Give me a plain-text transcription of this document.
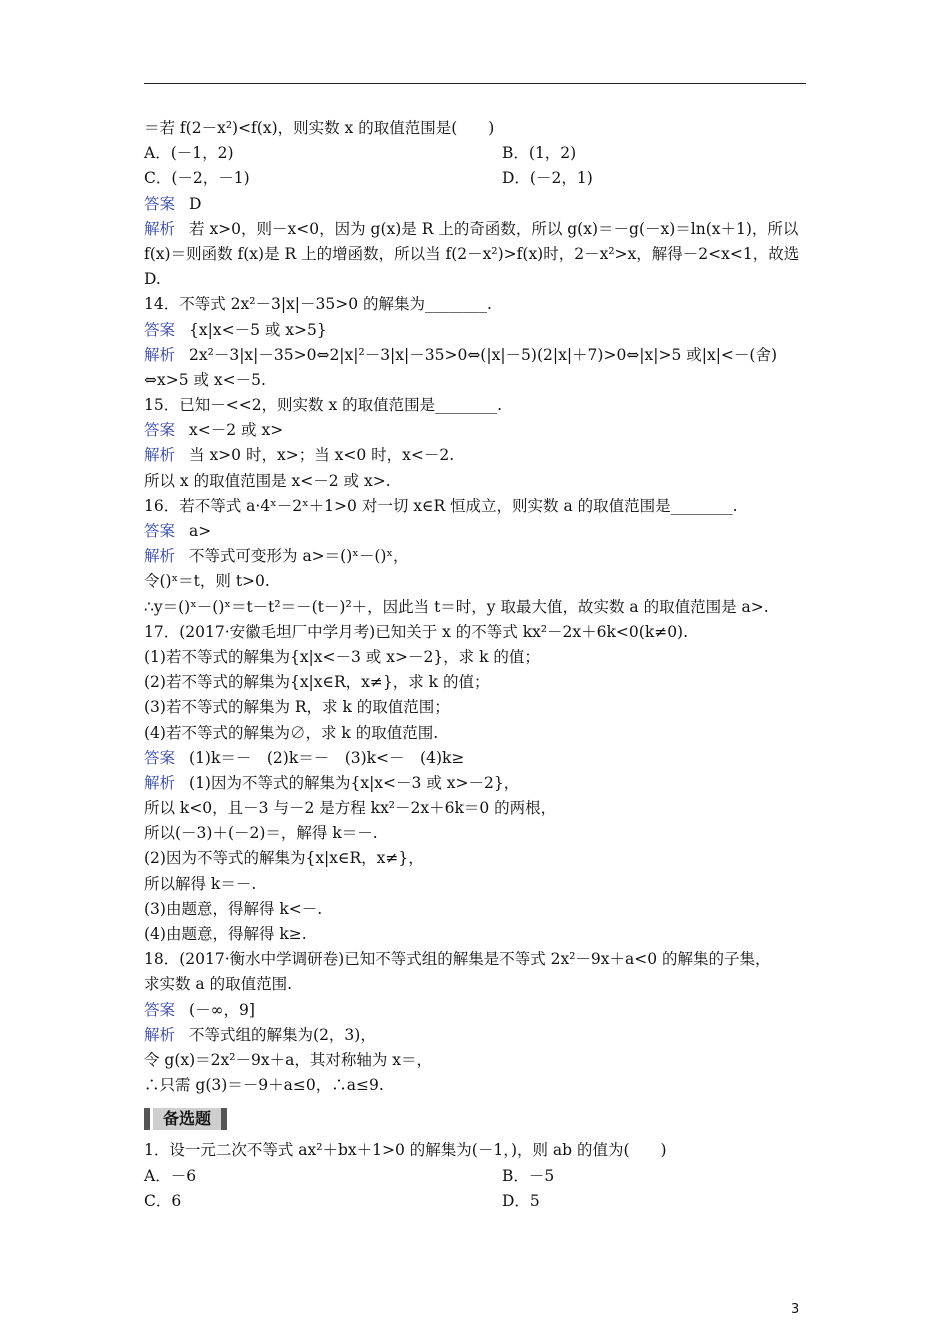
＝若 f(2－x²)<f(x)，则实数 x 的取值范围是(　　)
A．(－1，2)	B．(1，2)
C．(－2，－1)	D．(－2，1)
答案 D
解析 若 x>0，则－x<0，因为 g(x)是 R 上的奇函数，所以 g(x)＝－g(－x)＝ln(x＋1)，所以
f(x)＝则函数 f(x)是 R 上的增函数，所以当 f(2－x²)>f(x)时，2－x²>x，解得－2<x<1，故选
D.
14．不等式 2x²－3|x|－35>0 的解集为________.
答案 {x|x<－5 或 x>5}
解析 2x²－3|x|－35>0⇔2|x|²－3|x|－35>0⇔(|x|－5)(2|x|＋7)>0⇔|x|>5 或|x|<－(舍)
⇔x>5 或 x<－5.
15．已知－<<2，则实数 x 的取值范围是________.
答案 x<－2 或 x>
解析 当 x>0 时，x>；当 x<0 时，x<－2.
所以 x 的取值范围是 x<－2 或 x>.
16．若不等式 a·4ˣ－2ˣ＋1>0 对一切 x∈R 恒成立，则实数 a 的取值范围是________.
答案 a>
解析 不等式可变形为 a>＝()ˣ－()ˣ，
令()ˣ＝t，则 t>0.
∴y＝()ˣ－()ˣ＝t－t²＝－(t－)²＋，因此当 t＝时，y 取最大值，故实数 a 的取值范围是 a>.
17．(2017·安徽毛坦厂中学月考)已知关于 x 的不等式 kx²－2x＋6k<0(k≠0).
(1)若不等式的解集为{x|x<－3 或 x>－2}，求 k 的值；
(2)若不等式的解集为{x|x∈R，x≠}，求 k 的值；
(3)若不等式的解集为 R，求 k 的取值范围；
(4)若不等式的解集为∅，求 k 的取值范围.
答案 (1)k＝－　(2)k＝－　(3)k<－　(4)k≥
解析 (1)因为不等式的解集为{x|x<－3 或 x>－2}，
所以 k<0，且－3 与－2 是方程 kx²－2x＋6k＝0 的两根，
所以(－3)＋(－2)＝，解得 k＝－.
(2)因为不等式的解集为{x|x∈R，x≠}，
所以解得 k＝－.
(3)由题意，得解得 k<－.
(4)由题意，得解得 k≥.
18．(2017·衡水中学调研卷)已知不等式组的解集是不等式 2x²－9x＋a<0 的解集的子集，
求实数 a 的取值范围.
答案 (－∞，9]
解析 不等式组的解集为(2，3)，
令 g(x)＝2x²－9x＋a，其对称轴为 x＝，
∴只需 g(3)＝－9＋a≤0，∴a≤9.
备选题
1．设一元二次不等式 ax²＋bx＋1>0 的解集为(－1，)，则 ab 的值为(　　)
A．－6	B．－5
C．6	D．5
3
